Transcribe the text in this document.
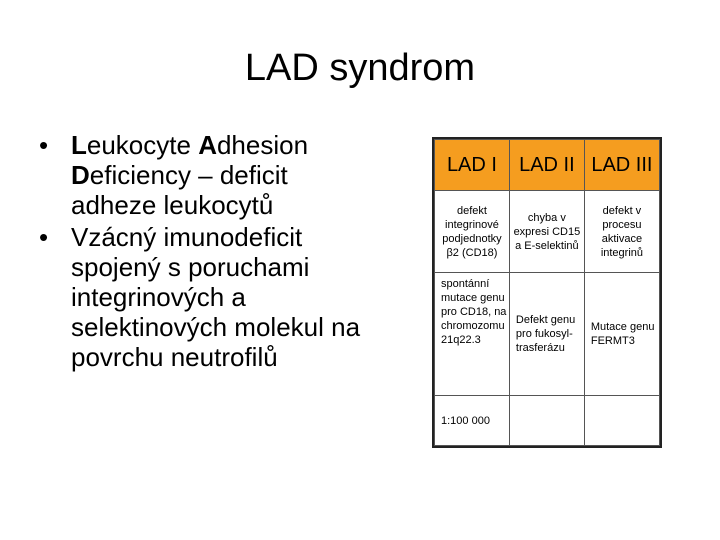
LAD syndrom
• Leukocyte Adhesion Deficiency – deficit adheze leukocytů
• Vzácný imunodeficit spojený s poruchami integrinových a selektinových molekul na povrchu neutrofilů
LAD I	LAD II	LAD III
defekt integrinové podjednotky β2 (CD18)	chyba v expresi CD15 a E-selektinů	defekt v procesu aktivace integrinů
spontánní mutace genu pro CD18, na chromozomu 21q22.3	Defekt genu pro fukosyl-trasferázu	Mutace genu FERMT3
1:100 000		
